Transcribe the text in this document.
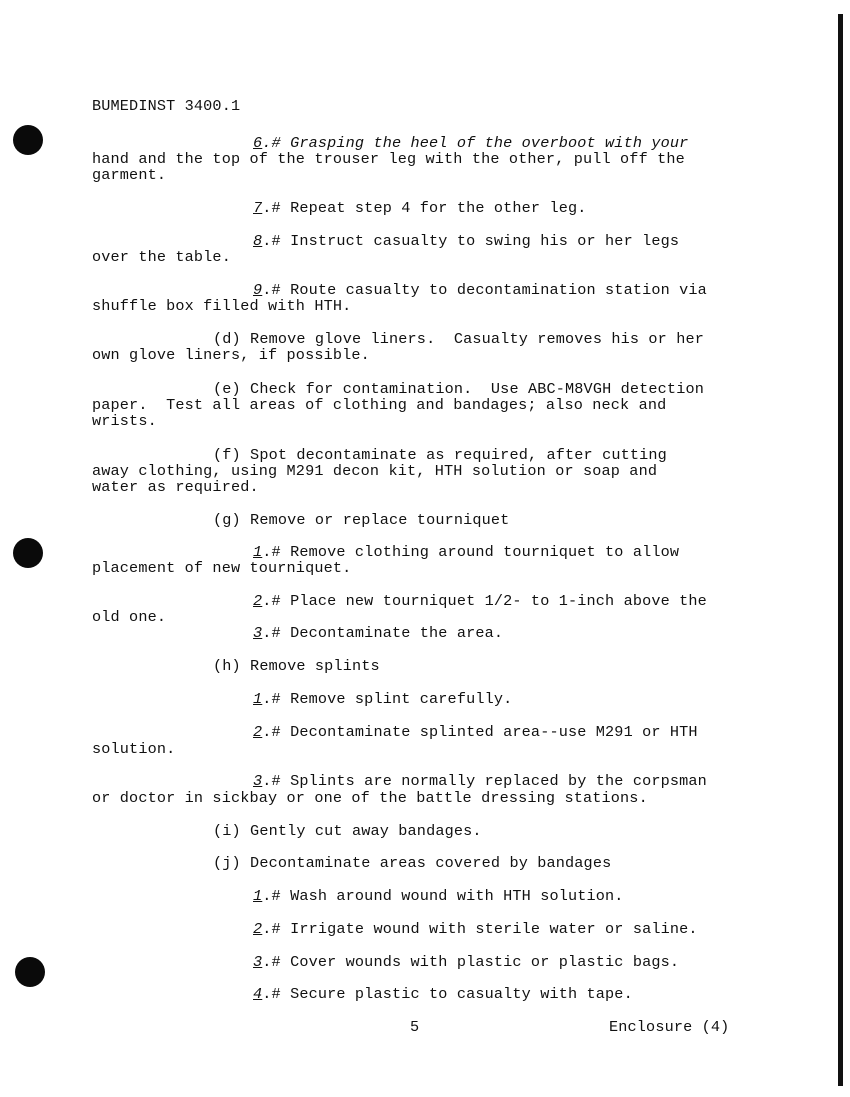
BUMEDINST 3400.1
6.# Grasping the heel of the overboot with your
hand and the top of the trouser leg with the other, pull off the
garment.
7.# Repeat step 4 for the other leg.
8.# Instruct casualty to swing his or her legs
over the table.
9.# Route casualty to decontamination station via
shuffle box filled with HTH.
(d) Remove glove liners.  Casualty removes his or her
own glove liners, if possible.
(e) Check for contamination.  Use ABC-M8VGH detection
paper.  Test all areas of clothing and bandages; also neck and
wrists.
(f) Spot decontaminate as required, after cutting
away clothing, using M291 decon kit, HTH solution or soap and
water as required.
(g) Remove or replace tourniquet
1.# Remove clothing around tourniquet to allow
placement of new tourniquet.
2.# Place new tourniquet 1/2- to 1-inch above the
old one.
3.# Decontaminate the area.
(h) Remove splints
1.# Remove splint carefully.
2.# Decontaminate splinted area--use M291 or HTH
solution.
3.# Splints are normally replaced by the corpsman
or doctor in sickbay or one of the battle dressing stations.
(i) Gently cut away bandages.
(j) Decontaminate areas covered by bandages
1.# Wash around wound with HTH solution.
2.# Irrigate wound with sterile water or saline.
3.# Cover wounds with plastic or plastic bags.
4.# Secure plastic to casualty with tape.
5	Enclosure (4)
